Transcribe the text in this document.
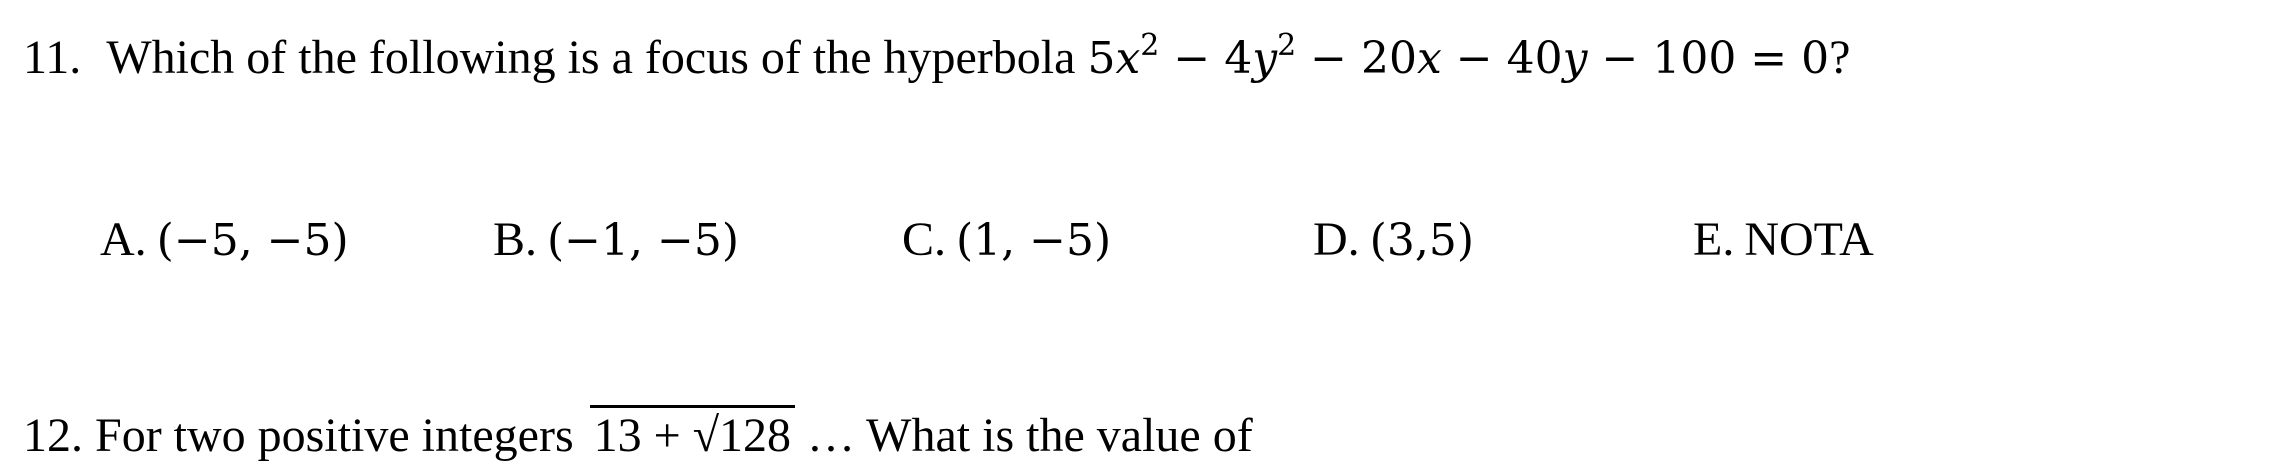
11. Which of the following is a focus of the hyperbola $5x^2 - 4y^2 - 20x - 40y - 100 = 0$?
A. (−5, −5)	B. (−1, −5)	C. (1, −5)	D. (3,5)	E. NOTA
12. For two positive integers 13 + √128 … What is the value of
